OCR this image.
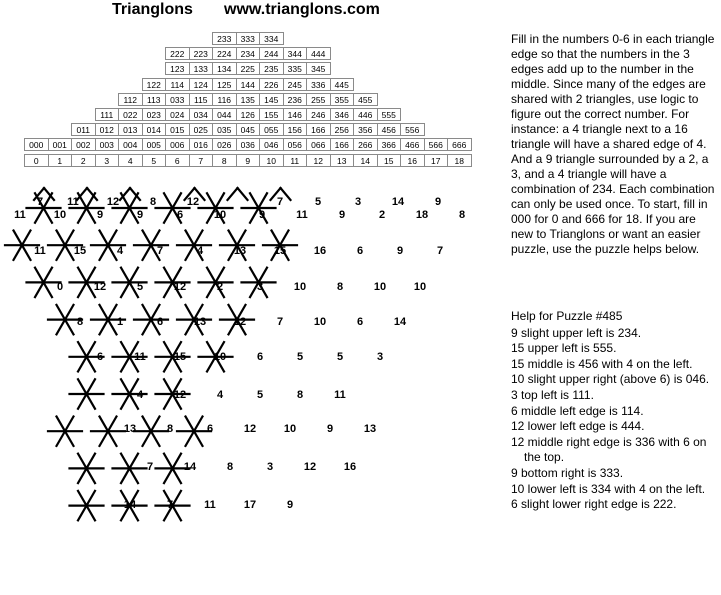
Trianglons www.trianglons.com
233	333	334
222	223	224	234	244	344	444
123	133	134	225	235	335	345
122	114	124	125	144	226	245	336	445
112	113	033	115	116	135	145	236	255	355	455
111	022	023	024	034	044	126	155	146	246	346	446	555
011	012	013	014	015	025	035	045	055	156	166	256	356	456	556
000	001	002	003	004	005	006	016	026	036	046	056	066	166	266	366	466	566	666
0	1	2	3	4	5	6	7	8	9	10	11	12	13	14	15	16	17	18
7 11	12	8	12	7	5	3	14	9
11	10	9	9	6	10	9	11	9	2	18	8
11	15	4	7	4	13	15	16	6	9	7
0	12	5	12	2	3	10	8	10	10
8	1	6	13	12	7	10	6	14
6	11	15	10	6	5	5	3
4	12	4	5	8	11
13	8	6	12	10	9	13
7	14	8	3	12	16
14	7	11	17	9

Fill in the numbers 0-6 in each triangle edge so that the numbers in the 3 edges add up to the number in the middle. Since many of the edges are shared with 2 triangles, use logic to figure out the correct number. For instance: a 4 triangle next to a 16 triangle will have a shared edge of 4. And a 9 triangle surrounded by a 2, a 3, and a 4 triangle will have a combination of 234. Each combination can only be used once. To start, fill in 000 for 0 and 666 for 18. If you are new to Trianglons or want an easier puzzle, use the puzzle helps below.

Help for Puzzle #485

9 slight upper left is 234.

15 upper left is 555.

15 middle is 456 with 4 on the left.

10 slight upper right (above 6) is 046.

3 top left is 111.

6 middle left edge is 114.

12 lower left edge is 444.

12 middle right edge is 336 with 6 on the top.

9 bottom right is 333.

10 lower left is 334 with 4 on the left.

6 slight lower right edge is 222.
